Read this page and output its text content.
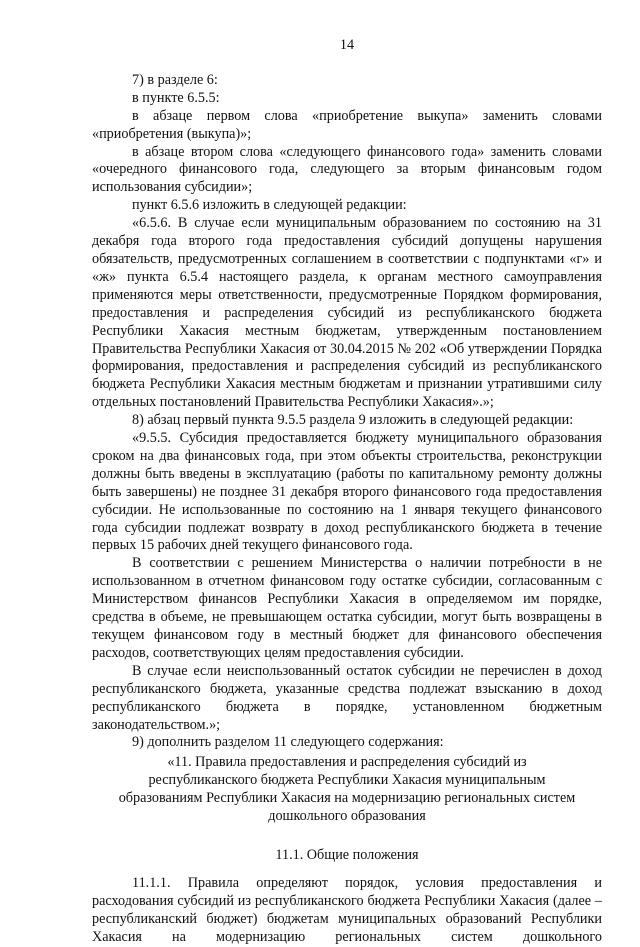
14

7) в разделе 6:

в пункте 6.5.5:

в абзаце первом слова «приобретение выкупа» заменить словами «приобретения (выкупа)»;

в абзаце втором слова «следующего финансового года» заменить словами «очередного финансового года, следующего за вторым финансовым годом использования субсидии»;

пункт 6.5.6 изложить в следующей редакции:

«6.5.6. В случае если муниципальным образованием по состоянию на 31 декабря года второго года предоставления субсидий допущены нарушения обязательств, предусмотренных соглашением в соответствии с подпунктами «г» и «ж» пункта 6.5.4 настоящего раздела, к органам местного самоуправления применяются меры ответственности, предусмотренные Порядком формирования, предоставления и распределения субсидий из республиканского бюджета Республики Хакасия местным бюджетам, утвержденным постановлением Правительства Республики Хакасия от 30.04.2015 № 202 «Об утверждении Порядка формирования, предоставления и распределения субсидий из республиканского бюджета Республики Хакасия местным бюджетам и признании утратившими силу отдельных постановлений Правительства Республики Хакасия».»;

8) абзац первый пункта 9.5.5 раздела 9 изложить в следующей редакции:

«9.5.5. Субсидия предоставляется бюджету муниципального образования сроком на два финансовых года, при этом объекты строительства, реконструкции должны быть введены в эксплуатацию (работы по капитальному ремонту должны быть завершены) не позднее 31 декабря второго финансового года предоставления субсидии. Не использованные по состоянию на 1 января текущего финансового года субсидии подлежат возврату в доход республиканского бюджета в течение первых 15 рабочих дней текущего финансового года.

В соответствии с решением Министерства о наличии потребности в не использованном в отчетном финансовом году остатке субсидии, согласованным с Министерством финансов Республики Хакасия в определяемом им порядке, средства в объеме, не превышающем остатка субсидии, могут быть возвращены в текущем финансовом году в местный бюджет для финансового обеспечения расходов, соответствующих целям предоставления субсидии.

В случае если неиспользованный остаток субсидии не перечислен в доход республиканского бюджета, указанные средства подлежат взысканию в доход республиканского бюджета в порядке, установленном бюджетным законодательством.»;

9) дополнить разделом 11 следующего содержания:

«11. Правила предоставления и распределения субсидий из республиканского бюджета Республики Хакасия муниципальным образованиям Республики Хакасия на модернизацию региональных систем дошкольного образования

11.1. Общие положения

11.1.1. Правила определяют порядок, условия предоставления и расходования субсидий из республиканского бюджета Республики Хакасия (далее – республиканский бюджет) бюджетам муниципальных образований Республики Хакасия на модернизацию региональных систем дошкольного
